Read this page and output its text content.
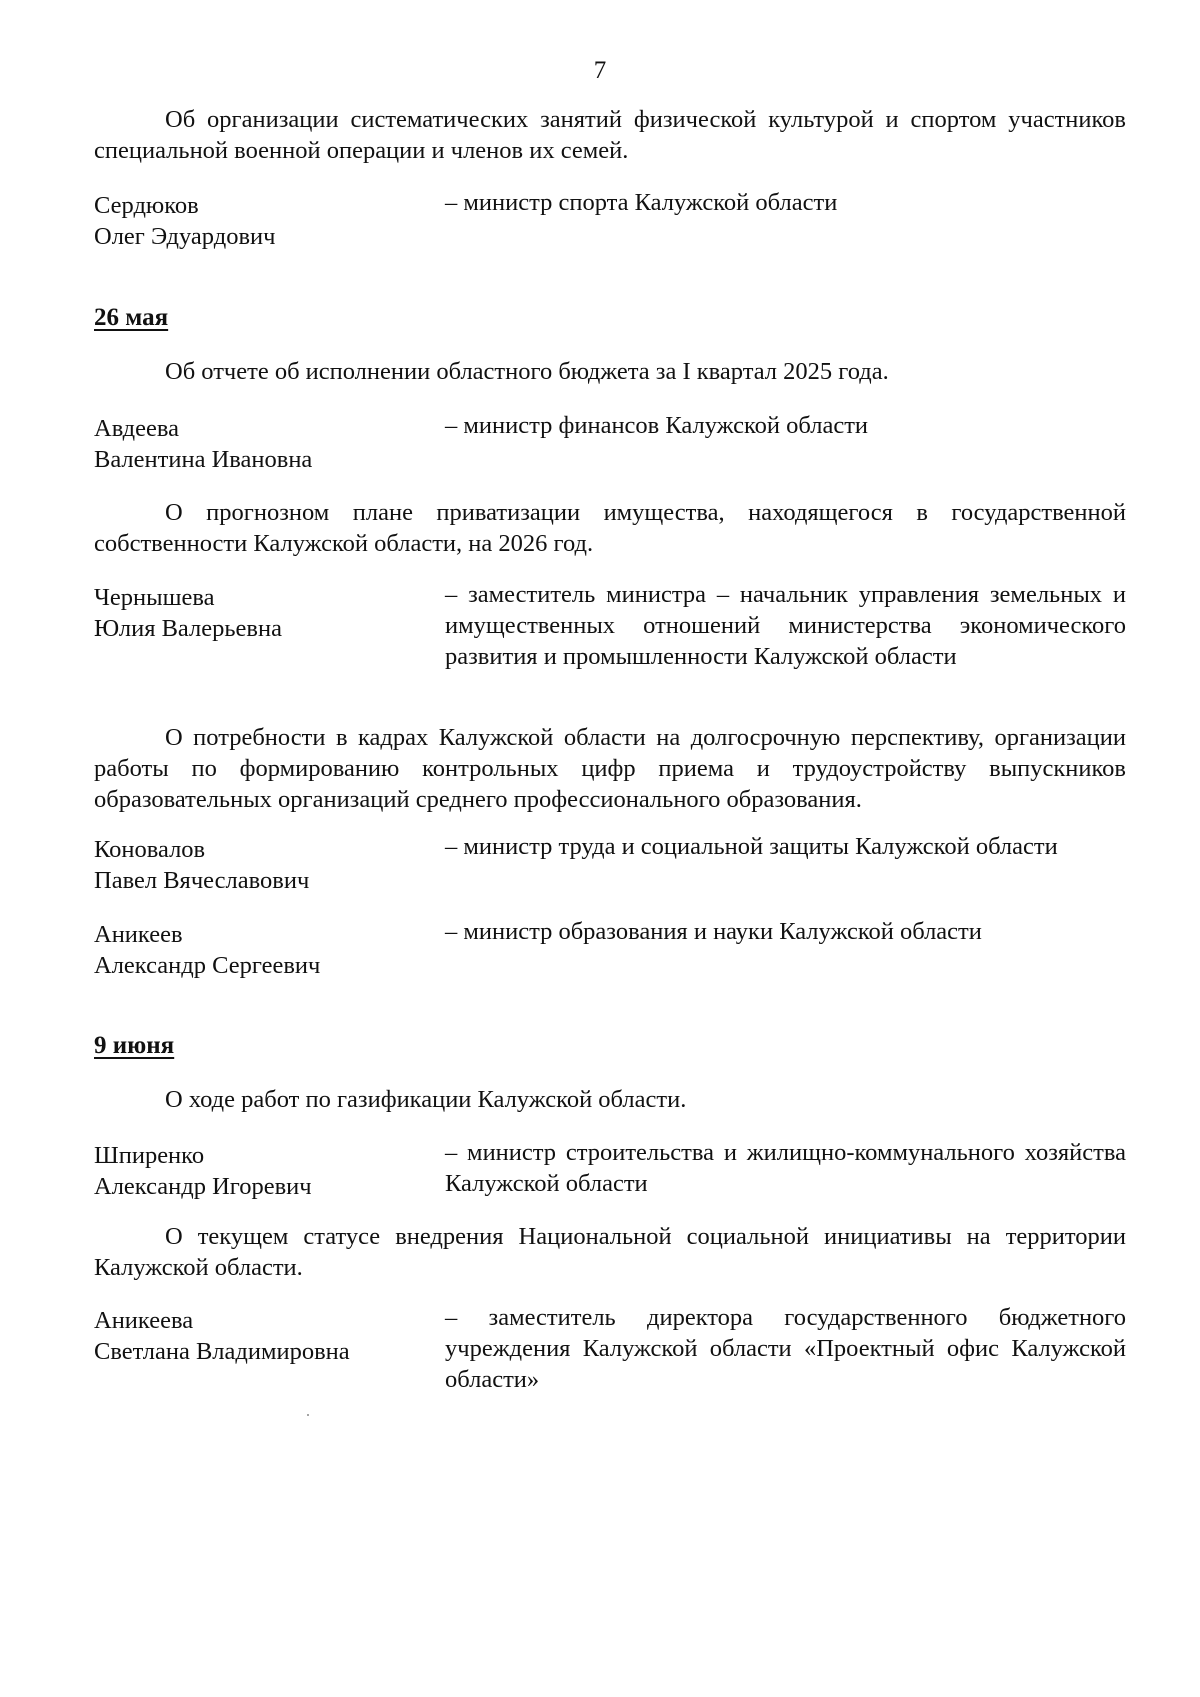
7

Об организации систематических занятий физической культурой и спортом участников специальной военной операции и членов их семей.

Сердюков
Олег Эдуардович
– министр спорта Калужской области
26 мая

Об отчете об исполнении областного бюджета за I квартал 2025 года.

Авдеева
Валентина Ивановна
– министр финансов Калужской области

О прогнозном плане приватизации имущества, находящегося в государственной собственности Калужской области, на 2026 год.

Чернышева
Юлия Валерьевна
– заместитель министра – начальник управления земельных и имущественных отношений министерства экономического развития и промышленности Калужской области

О потребности в кадрах Калужской области на долгосрочную перспективу, организации работы по формированию контрольных цифр приема и трудоустройству выпускников образовательных организаций среднего профессионального образования.

Коновалов
Павел Вячеславович
– министр труда и социальной защиты Калужской области
Аникеев
Александр Сергеевич
– министр образования и науки Калужской области
9 июня

О ходе работ по газификации Калужской области.

Шпиренко
Александр Игоревич
– министр строительства и жилищно-коммунального хозяйства Калужской области

О текущем статусе внедрения Национальной социальной инициативы на территории Калужской области.

Аникеева
Светлана Владимировна
– заместитель директора государственного бюджетного учреждения Калужской области «Проектный офис Калужской области»
